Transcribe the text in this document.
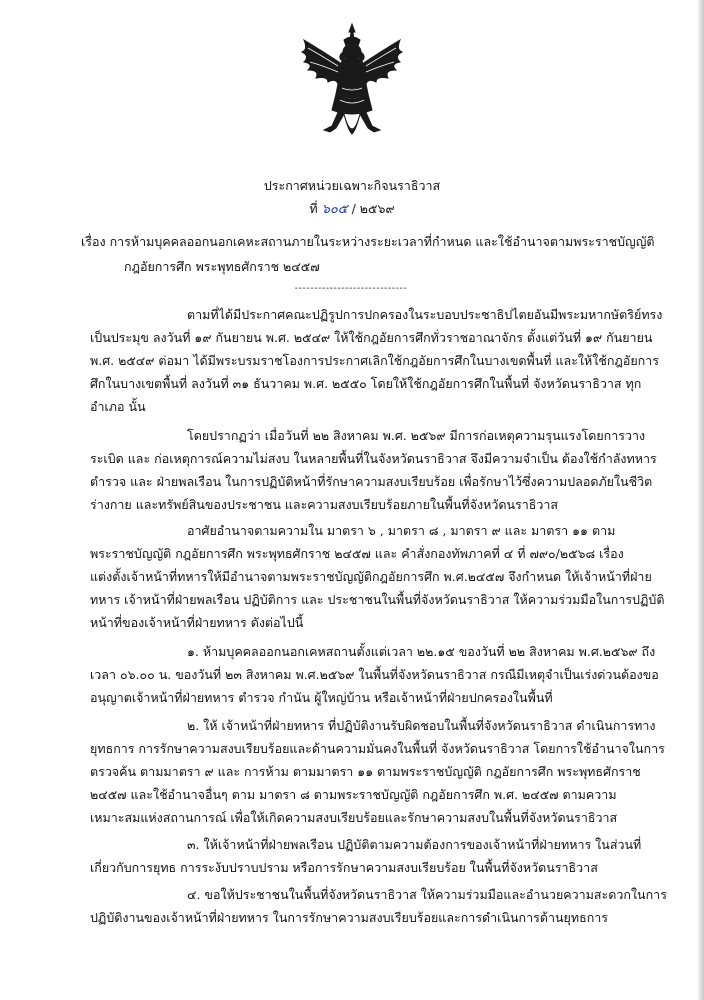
ประกาศหน่วยเฉพาะกิจนราธิวาส
ที่ ๖๐๕ / ๒๕๖๙
เรื่อง การห้ามบุคคลออกนอกเคหะสถานภายในระหว่างระยะเวลาที่กำหนด และใช้อำนาจตามพระราชบัญญัติ
กฎอัยการศึก พระพุทธศักราช ๒๔๕๗
-----------------------------
ตามที่ได้มีประกาศคณะปฏิรูปการปกครองในระบอบประชาธิปไตยอันมีพระมหากษัตริย์ทรง
เป็นประมุข ลงวันที่ ๑๙ กันยายน พ.ศ. ๒๕๔๙ ให้ใช้กฎอัยการศึกทั่วราชอาณาจักร ตั้งแต่วันที่ ๑๙ กันยายน
พ.ศ. ๒๕๔๙ ต่อมา ได้มีพระบรมราชโองการประกาศเลิกใช้กฎอัยการศึกในบางเขตพื้นที่ และให้ใช้กฎอัยการ
ศึกในบางเขตพื้นที่ ลงวันที่ ๓๑ ธันวาคม พ.ศ. ๒๕๕๐ โดยให้ใช้กฎอัยการศึกในพื้นที่ จังหวัดนราธิวาส ทุก
อำเภอ นั้น
โดยปรากฏว่า เมื่อวันที่ ๒๒ สิงหาคม พ.ศ. ๒๕๖๙ มีการก่อเหตุความรุนแรงโดยการวาง
ระเบิด และ ก่อเหตุการณ์ความไม่สงบ ในหลายพื้นที่ในจังหวัดนราธิวาส จึงมีความจำเป็น ต้องใช้กำลังทหาร
ตำรวจ และ ฝ่ายพลเรือน ในการปฏิบัติหน้าที่รักษาความสงบเรียบร้อย เพื่อรักษาไว้ซึ่งความปลอดภัยในชีวิต
ร่างกาย และทรัพย์สินของประชาชน และความสงบเรียบร้อยภายในพื้นที่จังหวัดนราธิวาส
อาศัยอำนาจตามความใน มาตรา ๖ , มาตรา ๘ , มาตรา ๙ และ มาตรา ๑๑ ตาม
พระราชบัญญัติ กฎอัยการศึก พระพุทธศักราช ๒๔๕๗ และ คำสั่งกองทัพภาคที่ ๔ ที่ ๗๙๐/๒๕๖๘ เรื่อง
แต่งตั้งเจ้าหน้าที่ทหารให้มีอำนาจตามพระราชบัญญัติกฎอัยการศึก พ.ศ.๒๔๕๗ จึงกำหนด ให้เจ้าหน้าที่ฝ่าย
ทหาร เจ้าหน้าที่ฝ่ายพลเรือน ปฏิบัติการ และ ประชาชนในพื้นที่จังหวัดนราธิวาส ให้ความร่วมมือในการปฏิบัติ
หน้าที่ของเจ้าหน้าที่ฝ่ายทหาร ดังต่อไปนี้
๑. ห้ามบุคคลออกนอกเคหสถานตั้งแต่เวลา ๒๒.๑๕ ของวันที่ ๒๒ สิงหาคม พ.ศ.๒๕๖๙ ถึง
เวลา ๐๖.๐๐ น. ของวันที่ ๒๓ สิงหาคม พ.ศ.๒๕๖๙ ในพื้นที่จังหวัดนราธิวาส กรณีมีเหตุจำเป็นเร่งด่วนต้องขอ
อนุญาตเจ้าหน้าที่ฝ่ายทหาร ตำรวจ กำนัน ผู้ใหญ่บ้าน หรือเจ้าหน้าที่ฝ่ายปกครองในพื้นที่
๒. ให้ เจ้าหน้าที่ฝ่ายทหาร ที่ปฏิบัติงานรับผิดชอบในพื้นที่จังหวัดนราธิวาส ดำเนินการทาง
ยุทธการ การรักษาความสงบเรียบร้อยและด้านความมั่นคงในพื้นที่ จังหวัดนราธิวาส โดยการใช้อำนาจในการ
ตรวจค้น ตามมาตรา ๙ และ การห้าม ตามมาตรา ๑๑ ตามพระราชบัญญัติ กฎอัยการศึก พระพุทธศักราช
๒๔๕๗ และใช้อำนาจอื่นๆ ตาม มาตรา ๘ ตามพระราชบัญญัติ กฎอัยการศึก พ.ศ. ๒๔๕๗ ตามความ
เหมาะสมแห่งสถานการณ์ เพื่อให้เกิดความสงบเรียบร้อยและรักษาความสงบในพื้นที่จังหวัดนราธิวาส
๓. ให้เจ้าหน้าที่ฝ่ายพลเรือน ปฏิบัติตามความต้องการของเจ้าหน้าที่ฝ่ายทหาร ในส่วนที่
เกี่ยวกับการยุทธ การระงับปราบปราม หรือการรักษาความสงบเรียบร้อย ในพื้นที่จังหวัดนราธิวาส
๔. ขอให้ประชาชนในพื้นที่จังหวัดนราธิวาส ให้ความร่วมมือและอำนวยความสะดวกในการ
ปฏิบัติงานของเจ้าหน้าที่ฝ่ายทหาร ในการรักษาความสงบเรียบร้อยและการดำเนินการด้านยุทธการ
